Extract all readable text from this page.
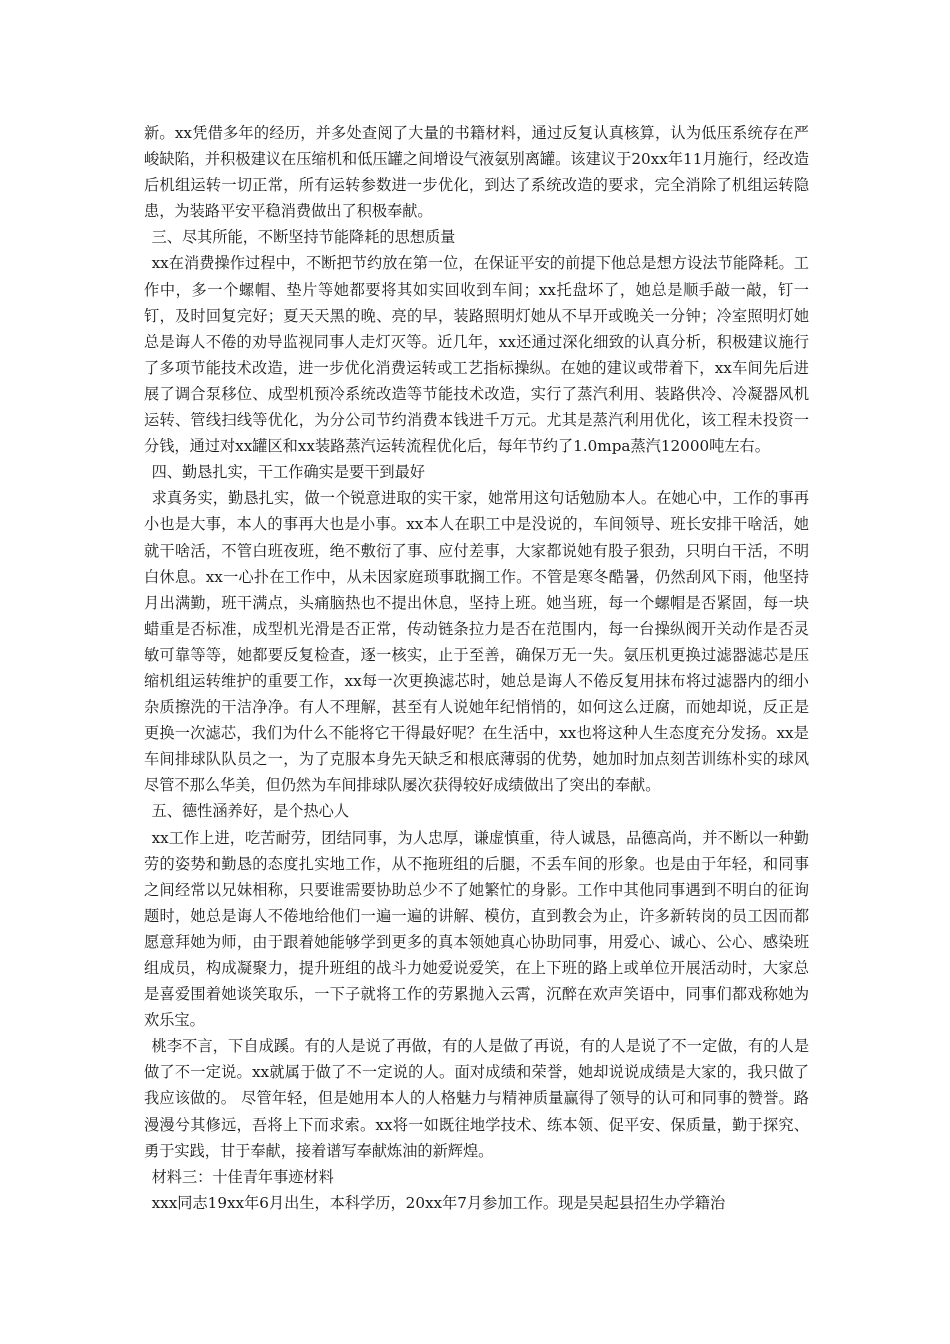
新。xx凭借多年的经历，并多处查阅了大量的书籍材料，通过反复认真核算，认为低压系统存在严峻缺陷，并积极建议在压缩机和低压罐之间增设气液氨别离罐。该建议于20xx年11月施行，经改造后机组运转一切正常，所有运转参数进一步优化，到达了系统改造的要求，完全消除了机组运转隐患，为装路平安平稳消费做出了积极奉献。

三、尽其所能，不断坚持节能降耗的思想质量

xx在消费操作过程中，不断把节约放在第一位，在保证平安的前提下他总是想方设法节能降耗。工作中，多一个螺帽、垫片等她都要将其如实回收到车间；xx托盘坏了，她总是顺手敲一敲，钉一钉，及时回复完好；夏天天黑的晚、亮的早，装路照明灯她从不早开或晚关一分钟；冷室照明灯她总是诲人不倦的劝导监视同事人走灯灭等。近几年，xx还通过深化细致的认真分析，积极建议施行了多项节能技术改造，进一步优化消费运转或工艺指标操纵。在她的建议或带着下，xx车间先后进展了调合泵移位、成型机预冷系统改造等节能技术改造，实行了蒸汽利用、装路供冷、冷凝器风机运转、管线扫线等优化，为分公司节约消费本钱进千万元。尤其是蒸汽利用优化，该工程未投资一分钱，通过对xx罐区和xx装路蒸汽运转流程优化后，每年节约了1.0mpa蒸汽12000吨左右。

四、勤恳扎实，干工作确实是要干到最好

求真务实，勤恳扎实，做一个锐意进取的实干家，她常用这句话勉励本人。在她心中，工作的事再小也是大事，本人的事再大也是小事。xx本人在职工中是没说的，车间领导、班长安排干啥活，她就干啥活，不管白班夜班，绝不敷衍了事、应付差事，大家都说她有股子狠劲，只明白干活，不明白休息。xx一心扑在工作中，从未因家庭琐事耽搁工作。不管是寒冬酷暑，仍然刮风下雨，他坚持月出满勤，班干满点，头痛脑热也不提出休息，坚持上班。她当班，每一个螺帽是否紧固，每一块蜡重是否标准，成型机光滑是否正常，传动链条拉力是否在范围内，每一台操纵阀开关动作是否灵敏可靠等等，她都要反复检查，逐一核实，止于至善，确保万无一失。氨压机更换过滤器滤芯是压缩机组运转维护的重要工作，xx每一次更换滤芯时，她总是诲人不倦反复用抹布将过滤器内的细小杂质擦洗的干洁净净。有人不理解，甚至有人说她年纪悄悄的，如何这么迂腐，而她却说，反正是更换一次滤芯，我们为什么不能将它干得最好呢？在生活中，xx也将这种人生态度充分发扬。xx是车间排球队队员之一，为了克服本身先天缺乏和根底薄弱的优势，她加时加点刻苦训练朴实的球风尽管不那么华美，但仍然为车间排球队屡次获得较好成绩做出了突出的奉献。

五、德性涵养好，是个热心人

xx工作上进，吃苦耐劳，团结同事，为人忠厚，谦虚慎重，待人诚恳，品德高尚，并不断以一种勤劳的姿势和勤恳的态度扎实地工作，从不拖班组的后腿，不丢车间的形象。也是由于年轻，和同事之间经常以兄妹相称，只要谁需要协助总少不了她繁忙的身影。工作中其他同事遇到不明白的征询题时，她总是诲人不倦地给他们一遍一遍的讲解、模仿，直到教会为止，许多新转岗的员工因而都愿意拜她为师，由于跟着她能够学到更多的真本领她真心协助同事，用爱心、诚心、公心、感染班组成员，构成凝聚力，提升班组的战斗力她爱说爱笑，在上下班的路上或单位开展活动时，大家总是喜爱围着她谈笑取乐，一下子就将工作的劳累抛入云霄，沉醉在欢声笑语中，同事们都戏称她为欢乐宝。

桃李不言，下自成蹊。有的人是说了再做，有的人是做了再说，有的人是说了不一定做，有的人是做了不一定说。xx就属于做了不一定说的人。面对成绩和荣誉，她却说说成绩是大家的，我只做了我应该做的。 尽管年轻，但是她用本人的人格魅力与精神质量赢得了领导的认可和同事的赞誉。路漫漫兮其修远，吾将上下而求索。xx将一如既往地学技术、练本领、促平安、保质量，勤于探究、勇于实践，甘于奉献，接着谱写奉献炼油的新辉煌。

材料三：十佳青年事迹材料

xxx同志19xx年6月出生，本科学历，20xx年7月参加工作。现是吴起县招生办学籍治
